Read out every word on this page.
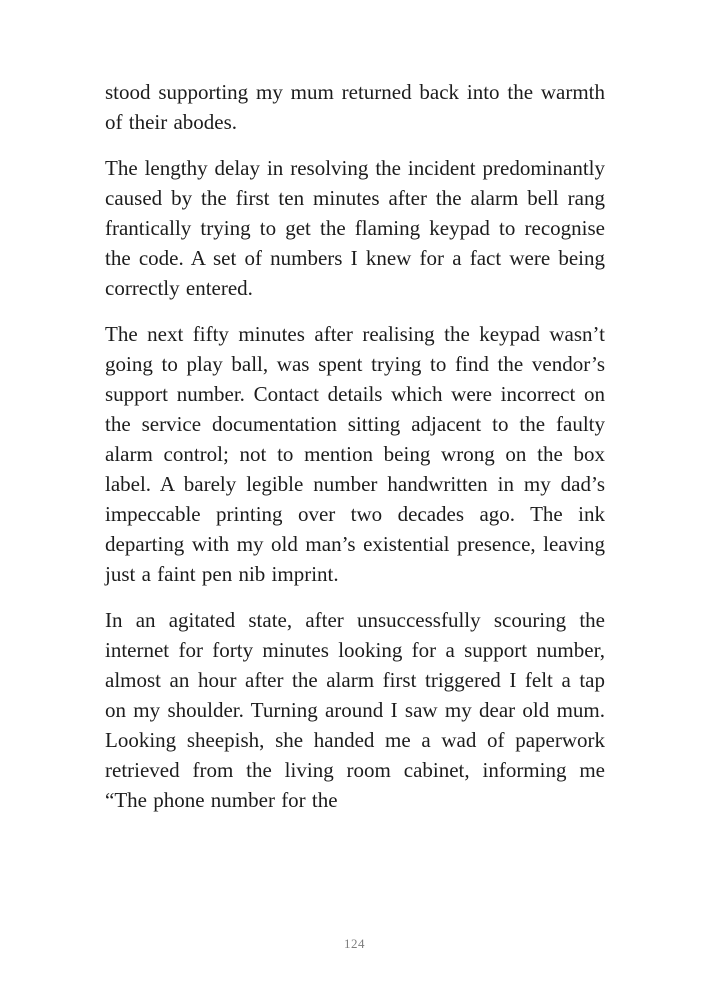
stood supporting my mum returned back into the warmth of their abodes.

The lengthy delay in resolving the incident predominantly caused by the first ten minutes after the alarm bell rang frantically trying to get the flaming keypad to recognise the code. A set of numbers I knew for a fact were being correctly entered.

The next fifty minutes after realising the keypad wasn’t going to play ball, was spent trying to find the vendor’s support number. Contact details which were incorrect on the service documentation sitting adjacent to the faulty alarm control; not to mention being wrong on the box label. A barely legible number handwritten in my dad’s impeccable printing over two decades ago. The ink departing with my old man’s existential presence, leaving just a faint pen nib imprint.

In an agitated state, after unsuccessfully scouring the internet for forty minutes looking for a support number, almost an hour after the alarm first triggered I felt a tap on my shoulder. Turning around I saw my dear old mum. Looking sheepish, she handed me a wad of paperwork retrieved from the living room cabinet, informing me “The phone number for the

124
